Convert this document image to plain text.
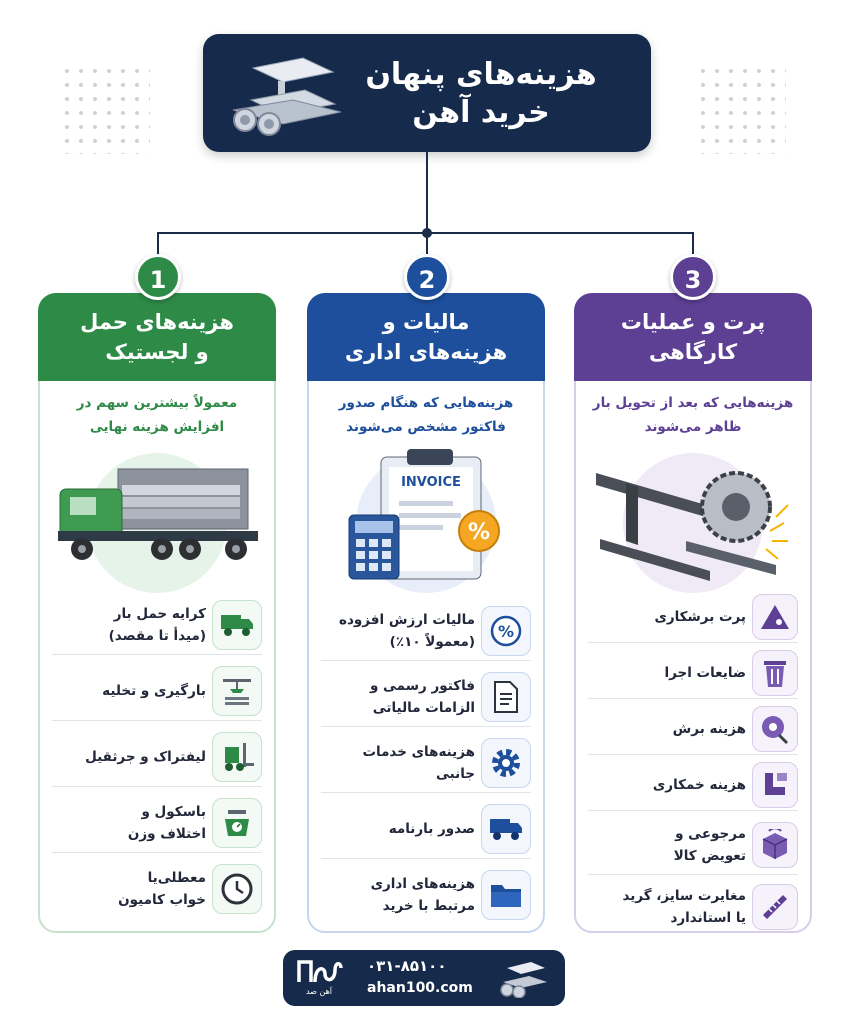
هزینه‌های پنهان
خرید آهن
هزینه‌های حمل
و لجستیک
معمولاً بیشترین سهم در
افزایش هزینه نهایی
کرایه حمل بار
(میدأ تا مقصد)
بارگیری و تخلیه
لیفتراک و جرثقیل
باسکول و
اختلاف وزن
معطلی‌یا
خواب کامیون
مالیات و
هزینه‌های اداری
هزینه‌هایی که هنگام صدور
فاکتور مشخص می‌شوند
%
INVOICE
%
مالیات ارزش افزوده
(معمولاً ۱۰٪)
فاکتور رسمی و
الزامات مالیاتی
هزینه‌های خدمات
جانبی
صدور بارنامه
هزینه‌های اداری
مرتبط با خرید
پرت و عملیات
کارگاهی
هزینه‌هایی که بعد از تحویل بار
ظاهر می‌شوند
پرت برشکاری
ضایعات اجرا
هزینه برش
هزینه خمکاری
مرجوعی و
تعویض کالا
مغایرت سایز، گرید
یا استاندارد
1	2	3
آهن صد
۰۳۱-۸۵۱۰۰
ahan100.com
